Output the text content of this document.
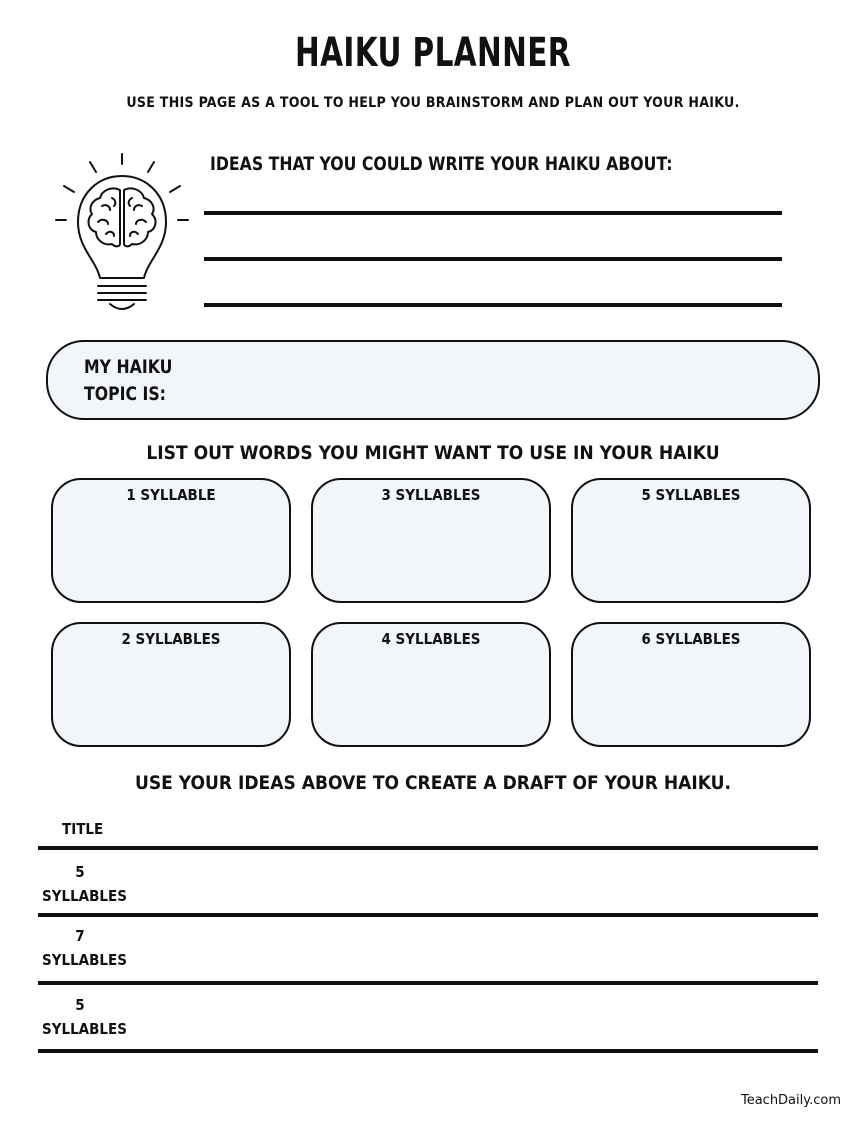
HAIKU PLANNER
USE THIS PAGE AS A TOOL TO HELP YOU BRAINSTORM AND PLAN OUT YOUR HAIKU.
IDEAS THAT YOU COULD WRITE YOUR HAIKU ABOUT:
MY HAIKU
TOPIC IS:
LIST OUT WORDS YOU MIGHT WANT TO USE IN YOUR HAIKU
1 SYLLABLE	3 SYLLABLES	5 SYLLABLES
2 SYLLABLES	4 SYLLABLES	6 SYLLABLES
USE YOUR IDEAS ABOVE TO CREATE A DRAFT OF YOUR HAIKU.
TITLE
5
SYLLABLES
7
SYLLABLES
5
SYLLABLES
TeachDaily.com
